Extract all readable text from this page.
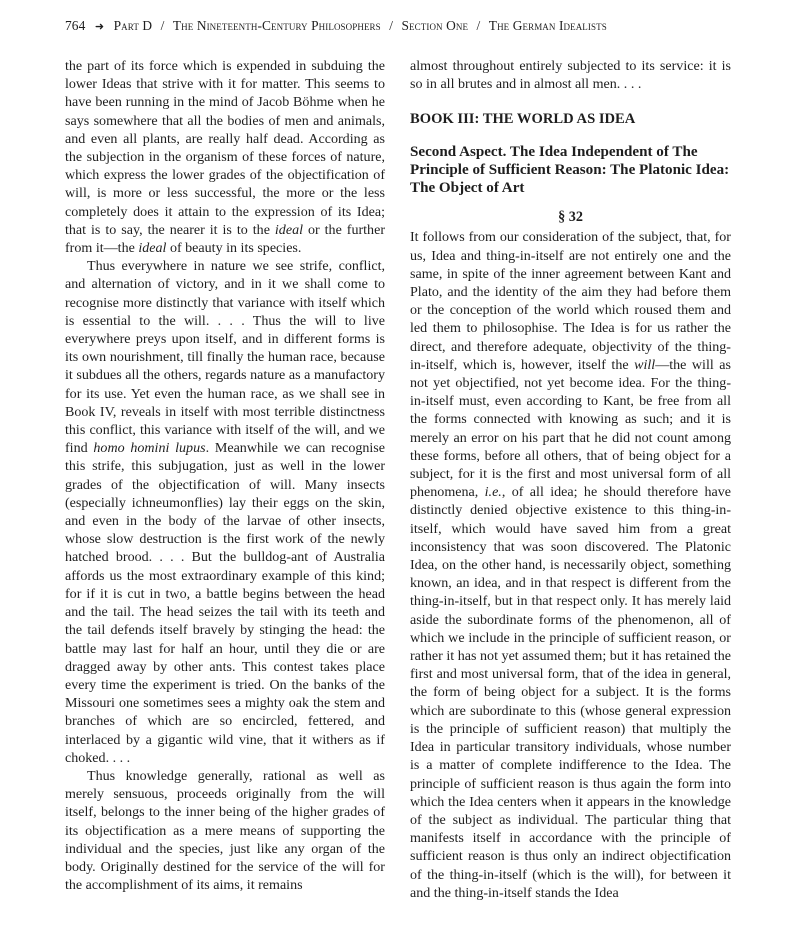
764 ➜ Part D / The Nineteenth-Century Philosophers / Section One / The German Idealists

the part of its force which is expended in subduing the lower Ideas that strive with it for matter. This seems to have been running in the mind of Jacob Böhme when he says somewhere that all the bodies of men and animals, and even all plants, are really half dead. According as the subjection in the organism of these forces of nature, which express the lower grades of the objectification of will, is more or less successful, the more or the less completely does it attain to the expression of its Idea; that is to say, the nearer it is to the ideal or the further from it—the ideal of beauty in its species.

Thus everywhere in nature we see strife, conflict, and alternation of victory, and in it we shall come to recognise more distinctly that variance with itself which is essential to the will. . . . Thus the will to live everywhere preys upon itself, and in different forms is its own nourishment, till finally the human race, because it subdues all the others, regards nature as a manufactory for its use. Yet even the human race, as we shall see in Book IV, reveals in itself with most terrible distinctness this conflict, this variance with itself of the will, and we find homo homini lupus. Meanwhile we can recognise this strife, this subjugation, just as well in the lower grades of the objectification of will. Many insects (especially ichneumonflies) lay their eggs on the skin, and even in the body of the larvae of other insects, whose slow destruction is the first work of the newly hatched brood. . . . But the bulldog-ant of Australia affords us the most extraordinary example of this kind; for if it is cut in two, a battle begins between the head and the tail. The head seizes the tail with its teeth and the tail defends itself bravely by stinging the head: the battle may last for half an hour, until they die or are dragged away by other ants. This contest takes place every time the experiment is tried. On the banks of the Missouri one sometimes sees a mighty oak the stem and branches of which are so encircled, fettered, and interlaced by a gigantic wild vine, that it withers as if choked. . . .

Thus knowledge generally, rational as well as merely sensuous, proceeds originally from the will itself, belongs to the inner being of the higher grades of its objectification as a mere means of supporting the individual and the species, just like any organ of the body. Originally destined for the service of the will for the accomplishment of its aims, it remains

almost throughout entirely subjected to its service: it is so in all brutes and in almost all men. . . .

BOOK III: THE WORLD AS IDEA
Second Aspect. The Idea Independent of The Principle of Sufficient Reason: The Platonic Idea: The Object of Art
§ 32

It follows from our consideration of the subject, that, for us, Idea and thing-in-itself are not entirely one and the same, in spite of the inner agreement between Kant and Plato, and the identity of the aim they had before them or the conception of the world which roused them and led them to philosophise. The Idea is for us rather the direct, and therefore adequate, objectivity of the thing-in-itself, which is, however, itself the will—the will as not yet objectified, not yet become idea. For the thing-in-itself must, even according to Kant, be free from all the forms connected with knowing as such; and it is merely an error on his part that he did not count among these forms, before all others, that of being object for a subject, for it is the first and most universal form of all phenomena, i.e., of all idea; he should therefore have distinctly denied objective existence to this thing-in-itself, which would have saved him from a great inconsistency that was soon discovered. The Platonic Idea, on the other hand, is necessarily object, something known, an idea, and in that respect is different from the thing-in-itself, but in that respect only. It has merely laid aside the subordinate forms of the phenomenon, all of which we include in the principle of sufficient reason, or rather it has not yet assumed them; but it has retained the first and most universal form, that of the idea in general, the form of being object for a subject. It is the forms which are subordinate to this (whose general expression is the principle of sufficient reason) that multiply the Idea in particular transitory individuals, whose number is a matter of complete indifference to the Idea. The principle of sufficient reason is thus again the form into which the Idea centers when it appears in the knowledge of the subject as individual. The particular thing that manifests itself in accordance with the principle of sufficient reason is thus only an indirect objectification of the thing-in-itself (which is the will), for between it and the thing-in-itself stands the Idea
